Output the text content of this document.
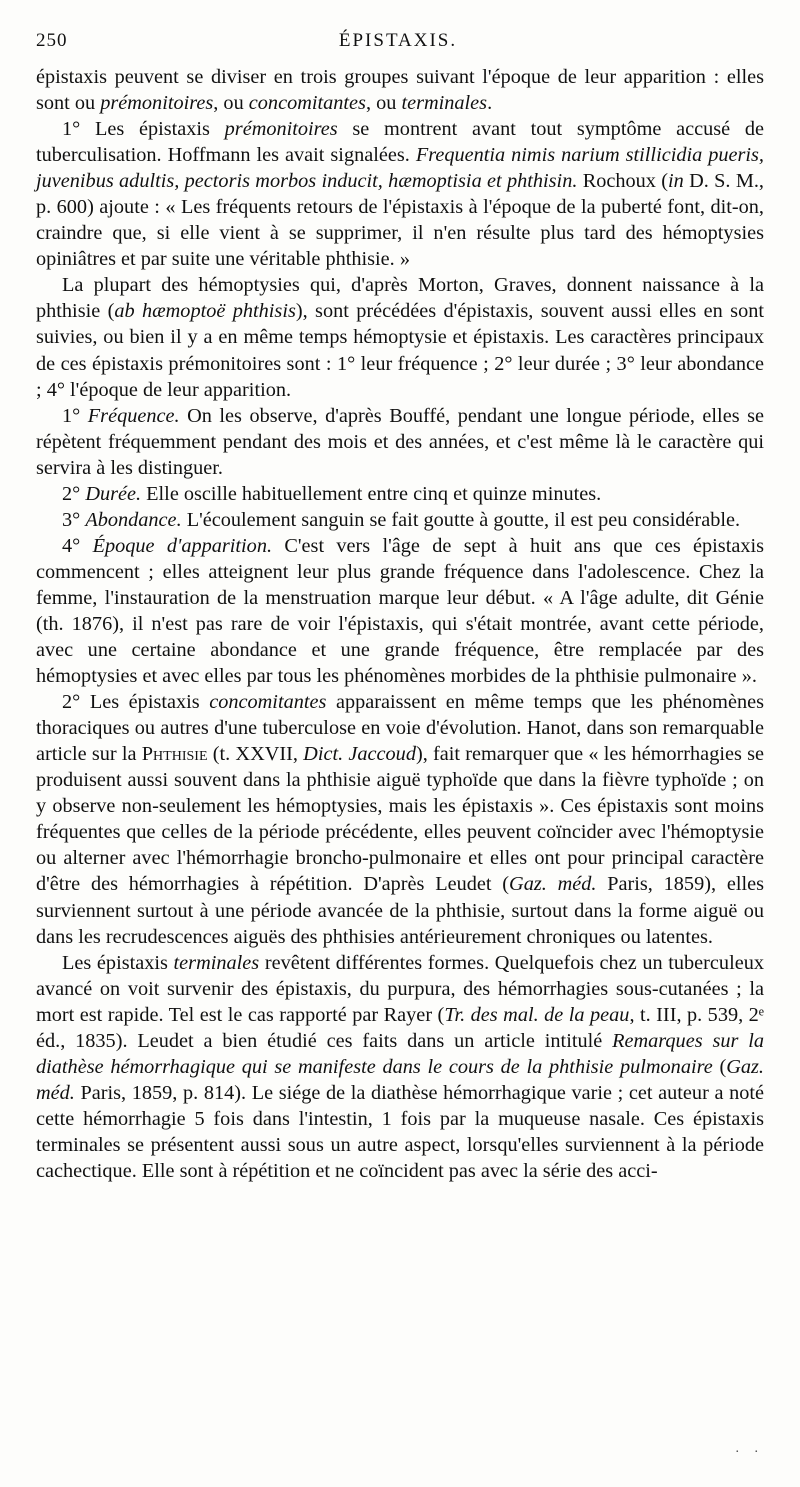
250	ÉPISTAXIS.

épistaxis peuvent se diviser en trois groupes suivant l'époque de leur apparition : elles sont ou prémonitoires, ou concomitantes, ou terminales.

1° Les épistaxis prémonitoires se montrent avant tout symptôme accusé de tuberculisation. Hoffmann les avait signalées. Frequentia nimis narium stillicidia pueris, juvenibus adultis, pectoris morbos inducit, hæmoptisia et phthisin. Rochoux (in D. S. M., p. 600) ajoute : « Les fréquents retours de l'épistaxis à l'époque de la puberté font, dit-on, craindre que, si elle vient à se supprimer, il n'en résulte plus tard des hémoptysies opiniâtres et par suite une véritable phthisie. »

La plupart des hémoptysies qui, d'après Morton, Graves, donnent naissance à la phthisie (ab hæmoptoë phthisis), sont précédées d'épistaxis, souvent aussi elles en sont suivies, ou bien il y a en même temps hémoptysie et épistaxis. Les caractères principaux de ces épistaxis prémonitoires sont : 1° leur fréquence ; 2° leur durée ; 3° leur abondance ; 4° l'époque de leur apparition.

1° Fréquence. On les observe, d'après Bouffé, pendant une longue période, elles se répètent fréquemment pendant des mois et des années, et c'est même là le caractère qui servira à les distinguer.

2° Durée. Elle oscille habituellement entre cinq et quinze minutes.

3° Abondance. L'écoulement sanguin se fait goutte à goutte, il est peu considérable.

4° Époque d'apparition. C'est vers l'âge de sept à huit ans que ces épistaxis commencent ; elles atteignent leur plus grande fréquence dans l'adolescence. Chez la femme, l'instauration de la menstruation marque leur début. « A l'âge adulte, dit Génie (th. 1876), il n'est pas rare de voir l'épistaxis, qui s'était montrée, avant cette période, avec une certaine abondance et une grande fréquence, être remplacée par des hémoptysies et avec elles par tous les phénomènes morbides de la phthisie pulmonaire ».

2° Les épistaxis concomitantes apparaissent en même temps que les phénomènes thoraciques ou autres d'une tuberculose en voie d'évolution. Hanot, dans son remarquable article sur la Phthisie (t. XXVII, Dict. Jaccoud), fait remarquer que « les hémorrhagies se produisent aussi souvent dans la phthisie aiguë typhoïde que dans la fièvre typhoïde ; on y observe non-seulement les hémoptysies, mais les épistaxis ». Ces épistaxis sont moins fréquentes que celles de la période précédente, elles peuvent coïncider avec l'hémoptysie ou alterner avec l'hémorrhagie broncho-pulmonaire et elles ont pour principal caractère d'être des hémorrhagies à répétition. D'après Leudet (Gaz. méd. Paris, 1859), elles surviennent surtout à une période avancée de la phthisie, surtout dans la forme aiguë ou dans les recrudescences aiguës des phthisies antérieurement chroniques ou latentes.

Les épistaxis terminales revêtent différentes formes. Quelquefois chez un tuberculeux avancé on voit survenir des épistaxis, du purpura, des hémorrhagies sous-cutanées ; la mort est rapide. Tel est le cas rapporté par Rayer (Tr. des mal. de la peau, t. III, p. 539, 2ᵉ éd., 1835). Leudet a bien étudié ces faits dans un article intitulé Remarques sur la diathèse hémorrhagique qui se manifeste dans le cours de la phthisie pulmonaire (Gaz. méd. Paris, 1859, p. 814). Le siége de la diathèse hémorrhagique varie ; cet auteur a noté cette hémorrhagie 5 fois dans l'intestin, 1 fois par la muqueuse nasale. Ces épistaxis terminales se présentent aussi sous un autre aspect, lorsqu'elles surviennent à la période cachectique. Elle sont à répétition et ne coïncident pas avec la série des acci-

. .
